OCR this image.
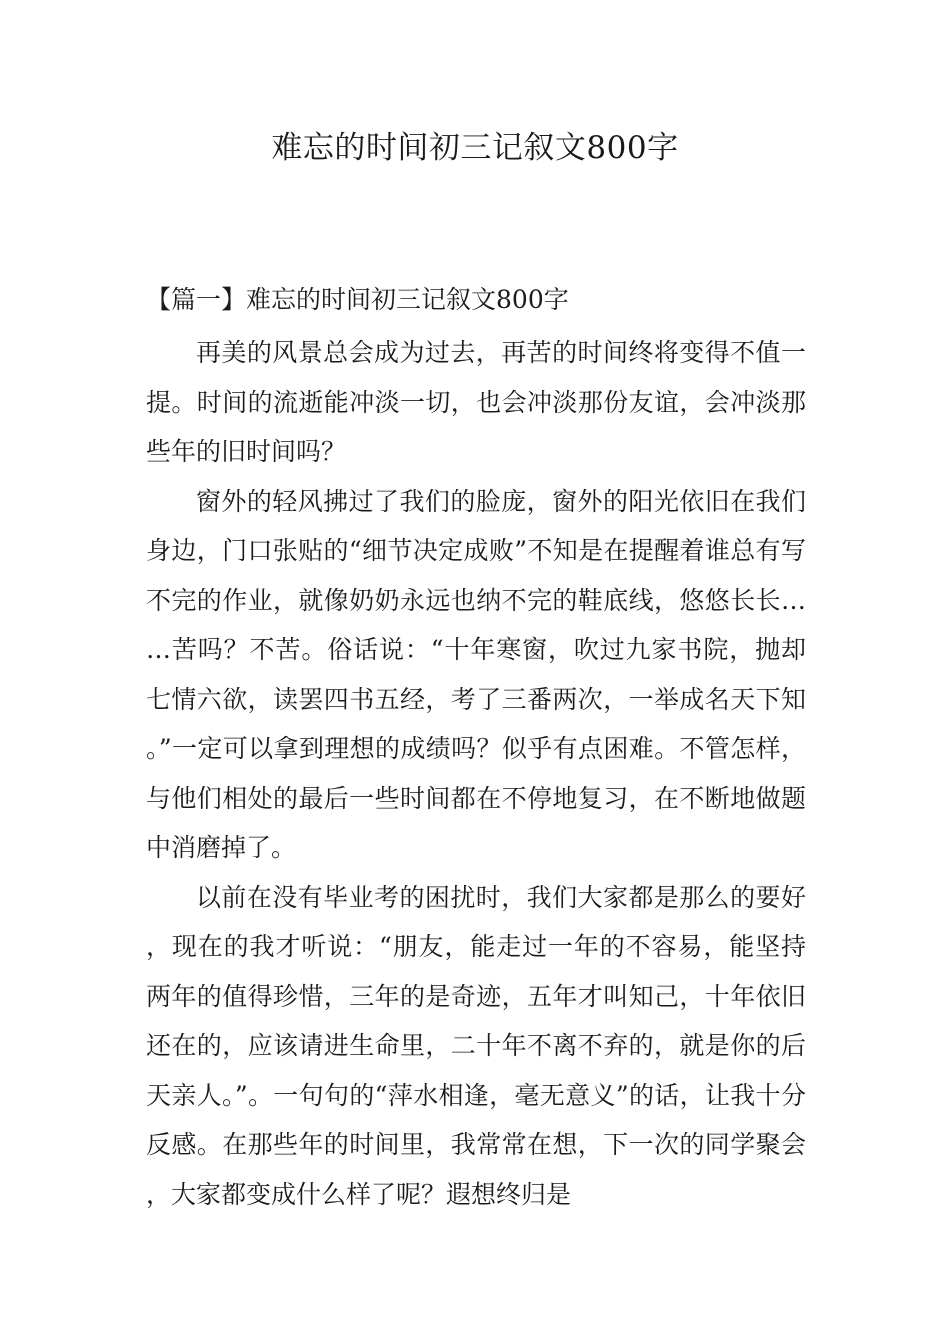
难忘的时间初三记叙文800字
【篇一】难忘的时间初三记叙文800字

再美的风景总会成为过去，再苦的时间终将变得不值一提。时间的流逝能冲淡一切，也会冲淡那份友谊，会冲淡那些年的旧时间吗？

窗外的轻风拂过了我们的脸庞，窗外的阳光依旧在我们身边，门口张贴的“细节决定成败”不知是在提醒着谁总有写不完的作业，就像奶奶永远也纳不完的鞋底线，悠悠长长……苦吗？不苦。俗话说：“十年寒窗，吹过九家书院，抛却七情六欲，读罢四书五经，考了三番两次，一举成名天下知。”一定可以拿到理想的成绩吗？似乎有点困难。不管怎样，与他们相处的最后一些时间都在不停地复习，在不断地做题中消磨掉了。

以前在没有毕业考的困扰时，我们大家都是那么的要好，现在的我才听说：“朋友，能走过一年的不容易，能坚持两年的值得珍惜，三年的是奇迹，五年才叫知己，十年依旧还在的，应该请进生命里，二十年不离不弃的，就是你的后天亲人。”。一句句的“萍水相逢，毫无意义”的话，让我十分反感。在那些年的时间里，我常常在想，下一次的同学聚会，大家都变成什么样了呢？遐想终归是
